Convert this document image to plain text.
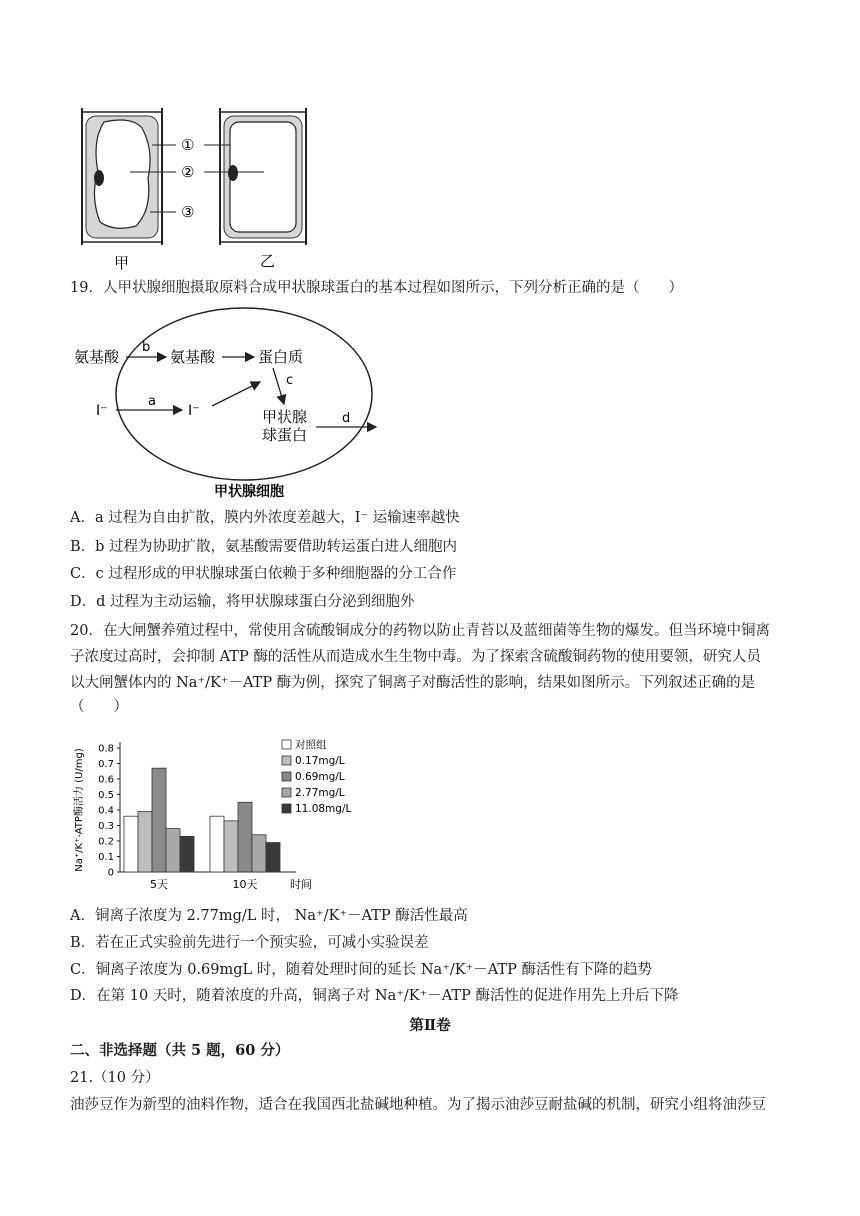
①
②
③
甲	乙
19．人甲状腺细胞摄取原料合成甲状腺球蛋白的基本过程如图所示，下列分析正确的是（　　）
氨基酸
b
氨基酸	蛋白质
c
I⁻
a
I⁻	甲状腺
球蛋白
d
甲状腺细胞
A．a 过程为自由扩散，膜内外浓度差越大，I⁻ 运输速率越快
B．b 过程为协助扩散，氨基酸需要借助转运蛋白进人细胞内
C．c 过程形成的甲状腺球蛋白依赖于多种细胞器的分工合作
D．d 过程为主动运输，将甲状腺球蛋白分泌到细胞外
20．在大闸蟹养殖过程中，常使用含硫酸铜成分的药物以防止青苔以及蓝细菌等生物的爆发。但当环境中铜离
子浓度过高时，会抑制 ATP 酶的活性从而造成水生生物中毒。为了探索含硫酸铜药物的使用要领，研究人员
以大闸蟹体内的 Na⁺/K⁺－ATP 酶为例，探究了铜离子对酶活性的影响，结果如图所示。下列叙述正确的是
（　　）
Na⁺/K⁺-ATP酶活力 (U/mg)
0
0.1
0.2
0.3
0.4
0.5
0.6
0.7
0.8
5天	10天	时间
对照组
0.17mg/L
0.69mg/L
2.77mg/L
11.08mg/L
A．铜离子浓度为 2.77mg/L 时， Na⁺/K⁺－ATP 酶活性最高
B．若在正式实验前先进行一个预实验，可减小实验误差
C．铜离子浓度为 0.69mgL 时，随着处理时间的延长 Na⁺/K⁺－ATP 酶活性有下降的趋势
D．在第 10 天时，随着浓度的升高，铜离子对 Na⁺/K⁺－ATP 酶活性的促进作用先上升后下降
第Ⅱ卷
二、非选择题（共 5 题，60 分）
21.（10 分）
油莎豆作为新型的油料作物，适合在我国西北盐碱地种植。为了揭示油莎豆耐盐碱的机制，研究小组将油莎豆
